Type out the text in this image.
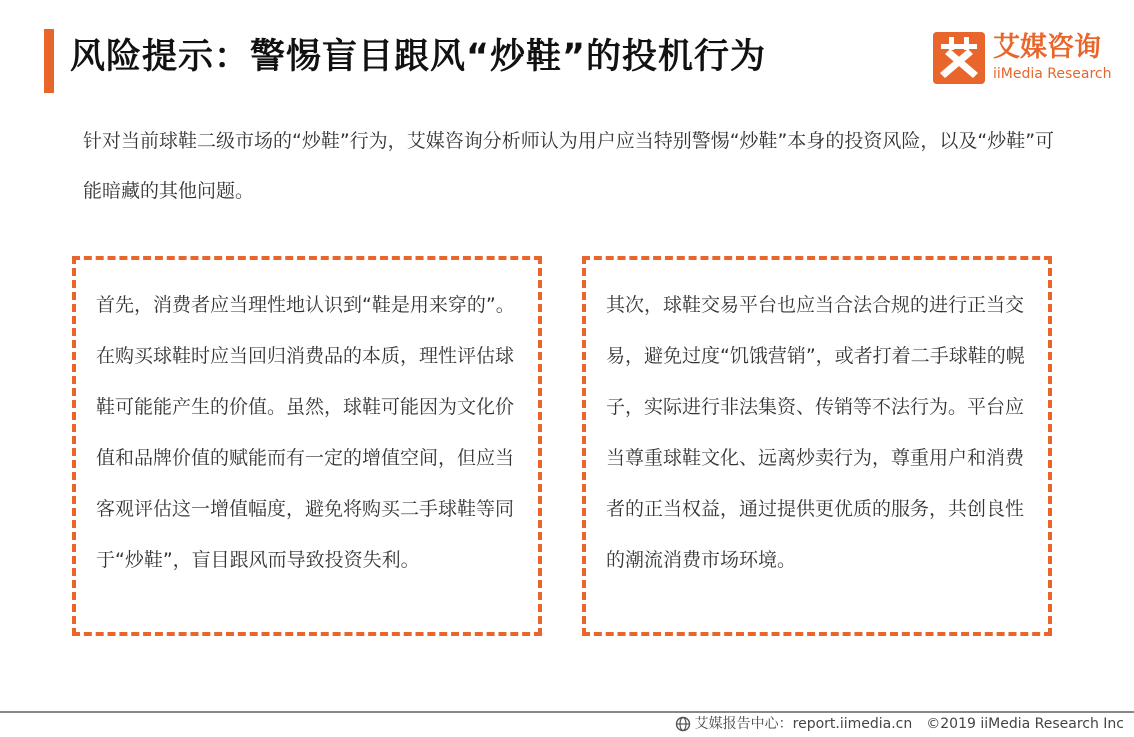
风险提示：警惕盲目跟风“炒鞋”的投机行为	艾媒咨询
iiMedia Research
针对当前球鞋二级市场的“炒鞋”行为，艾媒咨询分析师认为用户应当特别警惕“炒鞋”本身的投资风险，以及“炒鞋”可能暗藏的其他问题。
首先，消费者应当理性地认识到“鞋是用来穿的”。在购买球鞋时应当回归消费品的本质，理性评估球鞋可能能产生的价值。虽然，球鞋可能因为文化价值和品牌价值的赋能而有一定的增值空间，但应当客观评估这一增值幅度，避免将购买二手球鞋等同于“炒鞋”，盲目跟风而导致投资失利。
其次，球鞋交易平台也应当合法合规的进行正当交易，避免过度“饥饿营销”，或者打着二手球鞋的幌子，实际进行非法集资、传销等不法行为。平台应当尊重球鞋文化、远离炒卖行为，尊重用户和消费者的正当权益，通过提供更优质的服务，共创良性的潮流消费市场环境。
艾媒报告中心：report.iimedia.cn ©2019 iiMedia Research Inc
